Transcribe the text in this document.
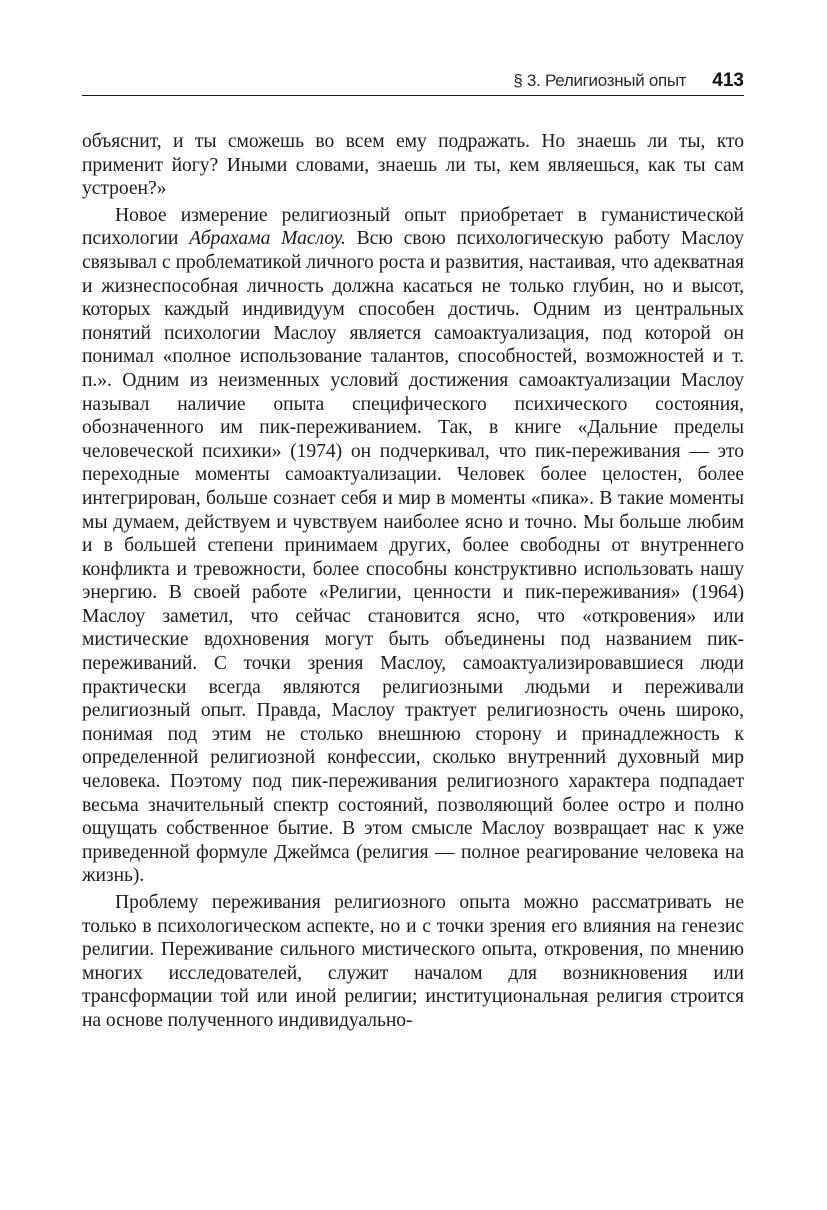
§ 3. Религиозный опыт 413

объяснит, и ты сможешь во всем ему подражать. Но знаешь ли ты, кто применит йогу? Иными словами, знаешь ли ты, кем являешься, как ты сам устроен?»

Новое измерение религиозный опыт приобретает в гуманистической психологии Абрахама Маслоу. Всю свою психологическую работу Маслоу связывал с проблематикой личного роста и развития, настаивая, что адекватная и жизнеспособная личность должна касаться не только глубин, но и высот, которых каждый индивидуум способен достичь. Одним из центральных понятий психологии Маслоу является самоактуализация, под которой он понимал «полное использование талантов, способностей, возможностей и т. п.». Одним из неизменных условий достижения самоактуализации Маслоу называл наличие опыта специфического психического состояния, обозначенного им пик-переживанием. Так, в книге «Дальние пределы человеческой психики» (1974) он подчеркивал, что пик-переживания — это переходные моменты самоактуализации. Человек более целостен, более интегрирован, больше сознает себя и мир в моменты «пика». В такие моменты мы думаем, действуем и чувствуем наиболее ясно и точно. Мы больше любим и в большей степени принимаем других, более свободны от внутреннего конфликта и тревожности, более способны конструктивно использовать нашу энергию. В своей работе «Религии, ценности и пик-переживания» (1964) Маслоу заметил, что сейчас становится ясно, что «откровения» или мистические вдохновения могут быть объединены под названием пик-переживаний. С точки зрения Маслоу, самоактуализировавшиеся люди практически всегда являются религиозными людьми и переживали религиозный опыт. Правда, Маслоу трактует религиозность очень широко, понимая под этим не столько внешнюю сторону и принадлежность к определенной религиозной конфессии, сколько внутренний духовный мир человека. Поэтому под пик-переживания религиозного характера подпадает весьма значительный спектр состояний, позволяющий более остро и полно ощущать собственное бытие. В этом смысле Маслоу возвращает нас к уже приведенной формуле Джеймса (религия — полное реагирование человека на жизнь).

Проблему переживания религиозного опыта можно рассматривать не только в психологическом аспекте, но и с точки зрения его влияния на генезис религии. Переживание сильного мистического опыта, откровения, по мнению многих исследователей, служит началом для возникновения или трансформации той или иной религии; институциональная религия строится на основе полученного индивидуально-
